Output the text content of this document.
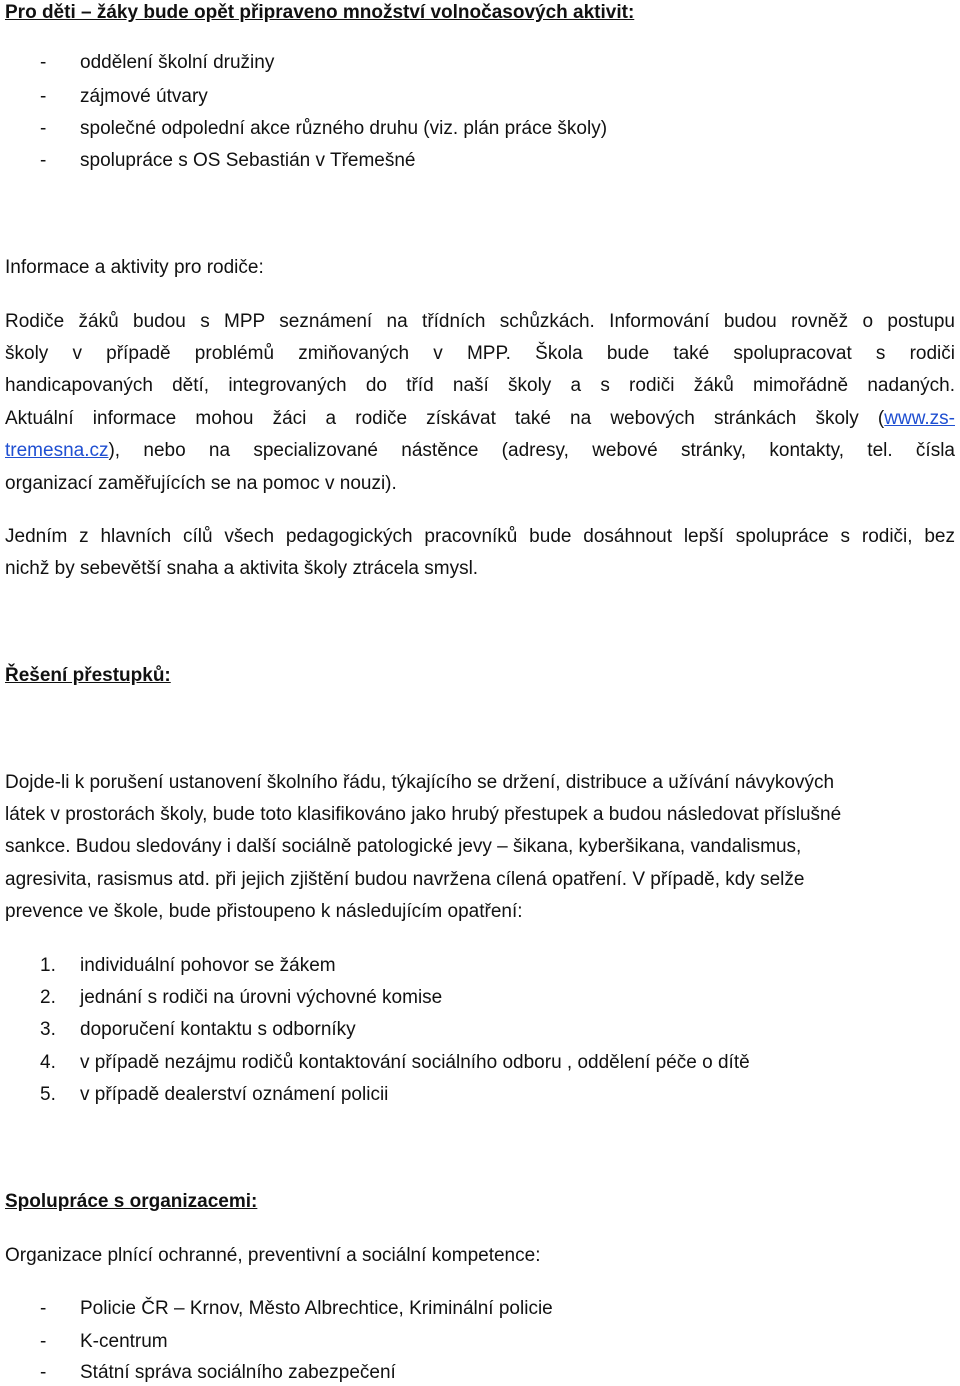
Pro děti – žáky bude opět připraveno množství volnočasových aktivit:
- oddělení školní družiny
- zájmové útvary
- společné odpolední akce různého druhu (viz. plán práce školy)
- spolupráce s OS Sebastián v Třemešné
Informace a aktivity pro rodiče:
Rodiče žáků budou s MPP seznámení na třídních schůzkách. Informování budou rovněž o postupu
školy v případě problémů zmiňovaných v MPP. Škola bude také spolupracovat s rodiči
handicapovaných dětí, integrovaných do tříd naší školy a s rodiči žáků mimořádně nadaných.
Aktuální informace mohou žáci a rodiče získávat také na webových stránkách školy (www.zs-
tremesna.cz), nebo na specializované nástěnce (adresy, webové stránky, kontakty, tel. čísla
organizací zaměřujících se na pomoc v nouzi).
Jedním z hlavních cílů všech pedagogických pracovníků bude dosáhnout lepší spolupráce s rodiči, bez
nichž by sebevětší snaha a aktivita školy ztrácela smysl.
Řešení přestupků:
Dojde-li k porušení ustanovení školního řádu, týkajícího se držení, distribuce a užívání návykových
látek v prostorách školy, bude toto klasifikováno jako hrubý přestupek a budou následovat příslušné
sankce. Budou sledovány i další sociálně patologické jevy – šikana, kyberšikana, vandalismus,
agresivita, rasismus atd. při jejich zjištění budou navržena cílená opatření. V případě, kdy selže
prevence ve škole, bude přistoupeno k následujícím opatření:
1. individuální pohovor se žákem
2. jednání s rodiči na úrovni výchovné komise
3. doporučení kontaktu s odborníky
4. v případě nezájmu rodičů kontaktování sociálního odboru , oddělení péče o dítě
5. v případě dealerství oznámení policii
Spolupráce s organizacemi:
Organizace plnící ochranné, preventivní a sociální kompetence:
- Policie ČR – Krnov, Město Albrechtice, Kriminální policie
- K-centrum
- Státní správa sociálního zabezpečení
